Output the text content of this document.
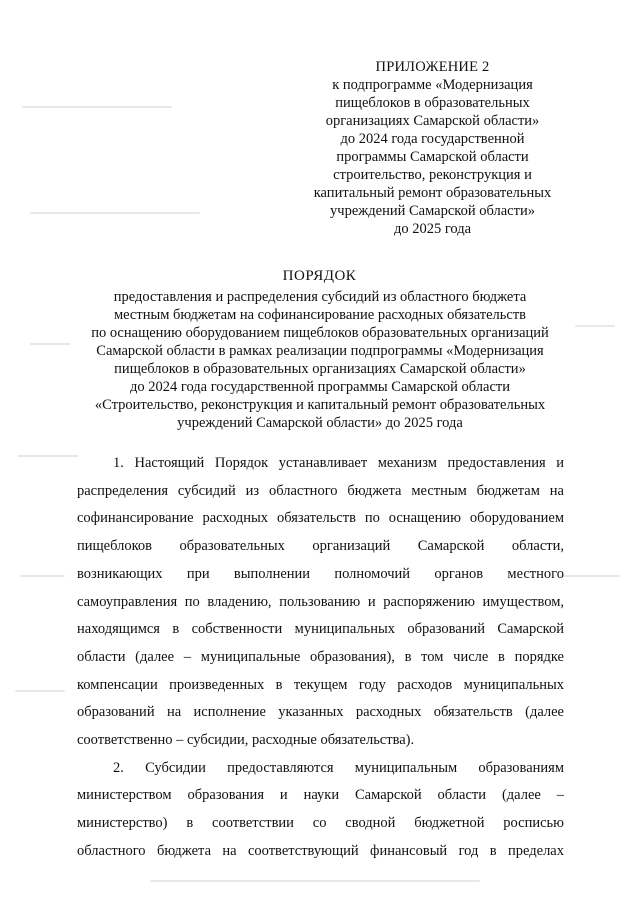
ПРИЛОЖЕНИЕ 2
к подпрограмме «Модернизация
пищеблоков в образовательных
организациях Самарской области»
до 2024 года государственной
программы Самарской области
строительство, реконструкция и
капитальный ремонт образовательных
учреждений Самарской области»
до 2025 года
ПОРЯДОК
предоставления и распределения субсидий из областного бюджета
местным бюджетам на софинансирование расходных обязательств
по оснащению оборудованием пищеблоков образовательных организаций
Самарской области в рамках реализации подпрограммы «Модернизация
пищеблоков в образовательных организациях Самарской области»
до 2024 года государственной программы Самарской области
«Строительство, реконструкция и капитальный ремонт образовательных
учреждений Самарской области» до 2025 года
1. Настоящий Порядок устанавливает механизм предоставления и
распределения субсидий из областного бюджета местным бюджетам на
софинансирование расходных обязательств по оснащению оборудованием
пищеблоков образовательных организаций Самарской области,
возникающих при выполнении полномочий органов местного
самоуправления по владению, пользованию и распоряжению имуществом,
находящимся в собственности муниципальных образований Самарской
области (далее – муниципальные образования), в том числе в порядке
компенсации произведенных в текущем году расходов муниципальных
образований на исполнение указанных расходных обязательств (далее
соответственно – субсидии, расходные обязательства).
2. Субсидии предоставляются муниципальным образованиям
министерством образования и науки Самарской области (далее –
министерство) в соответствии со сводной бюджетной росписью
областного бюджета на соответствующий финансовый год в пределах
